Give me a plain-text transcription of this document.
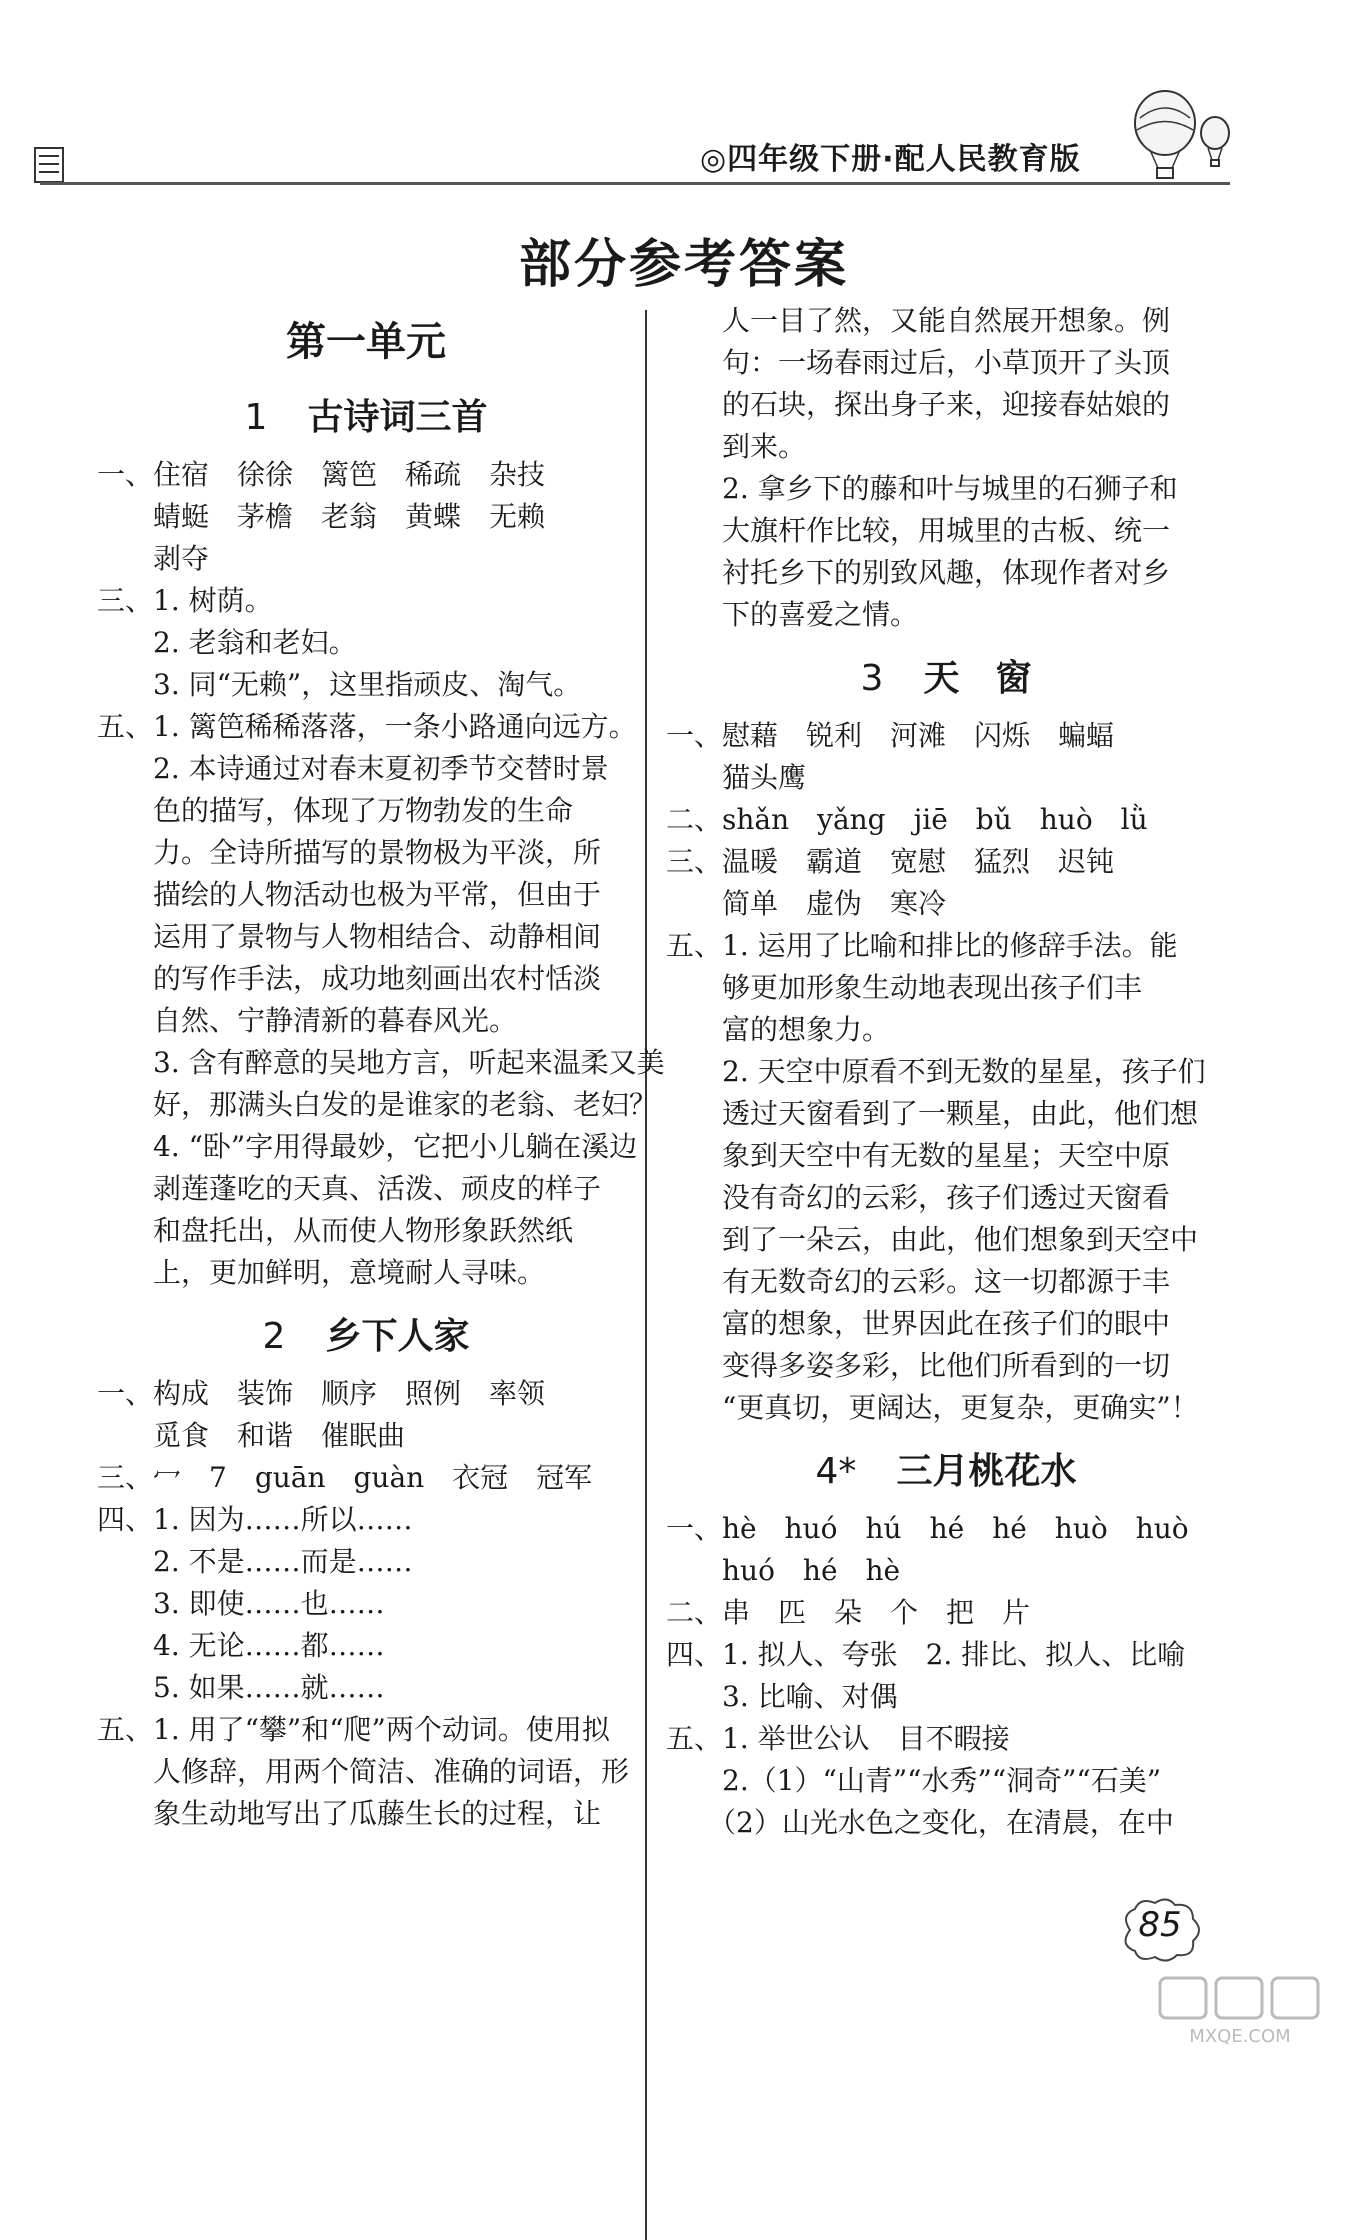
◎四年级下册·配人民教育版
部分参考答案
第一单元
1 古诗词三首
一、住宿　徐徐　篱笆　稀疏　杂技
　　蜻蜓　茅檐　老翁　黄蝶　无赖
　　剥夺
三、1. 树荫。
　　2. 老翁和老妇。
　　3. 同“无赖”，这里指顽皮、淘气。
五、1. 篱笆稀稀落落，一条小路通向远方。
　　2. 本诗通过对春末夏初季节交替时景
　　色的描写，体现了万物勃发的生命
　　力。全诗所描写的景物极为平淡，所
　　描绘的人物活动也极为平常，但由于
　　运用了景物与人物相结合、动静相间
　　的写作手法，成功地刻画出农村恬淡
　　自然、宁静清新的暮春风光。
　　3. 含有醉意的吴地方言，听起来温柔又美
　　好，那满头白发的是谁家的老翁、老妇？
　　4. “卧”字用得最妙，它把小儿躺在溪边
　　剥莲蓬吃的天真、活泼、顽皮的样子
　　和盘托出，从而使人物形象跃然纸
　　上，更加鲜明，意境耐人寻味。
2 乡下人家
一、构成　装饰　顺序　照例　率领
　　觅食　和谐　催眠曲
三、冖　7　guān　guàn　衣冠　冠军
四、1. 因为……所以……
　　2. 不是……而是……
　　3. 即使……也……
　　4. 无论……都……
　　5. 如果……就……
五、1. 用了“攀”和“爬”两个动词。使用拟
　　人修辞，用两个简洁、准确的词语，形
　　象生动地写出了瓜藤生长的过程，让
　　人一目了然，又能自然展开想象。例
　　句：一场春雨过后，小草顶开了头顶
　　的石块，探出身子来，迎接春姑娘的
　　到来。
　　2. 拿乡下的藤和叶与城里的石狮子和
　　大旗杆作比较，用城里的古板、统一
　　衬托乡下的别致风趣，体现作者对乡
　　下的喜爱之情。
3 天　窗
一、慰藉　锐利　河滩　闪烁　蝙蝠
　　猫头鹰
二、shǎn　yǎng　jiē　bǔ　huò　lǜ
三、温暖　霸道　宽慰　猛烈　迟钝
　　简单　虚伪　寒冷
五、1. 运用了比喻和排比的修辞手法。能
　　够更加形象生动地表现出孩子们丰
　　富的想象力。
　　2. 天空中原看不到无数的星星，孩子们
　　透过天窗看到了一颗星，由此，他们想
　　象到天空中有无数的星星；天空中原
　　没有奇幻的云彩，孩子们透过天窗看
　　到了一朵云，由此，他们想象到天空中
　　有无数奇幻的云彩。这一切都源于丰
　　富的想象，世界因此在孩子们的眼中
　　变得多姿多彩，比他们所看到的一切
　　“更真切，更阔达，更复杂，更确实”！
4* 三月桃花水
一、hè　huó　hú　hé　hé　huò　huò
　　huó　hé　hè
二、串　匹　朵　个　把　片
四、1. 拟人、夸张　2. 排比、拟人、比喻
　　3. 比喻、对偶
五、1. 举世公认　目不暇接
　　2.（1）“山青”“水秀”“洞奇”“石美”
　　（2）山光水色之变化，在清晨，在中
85
MXQE.COM
